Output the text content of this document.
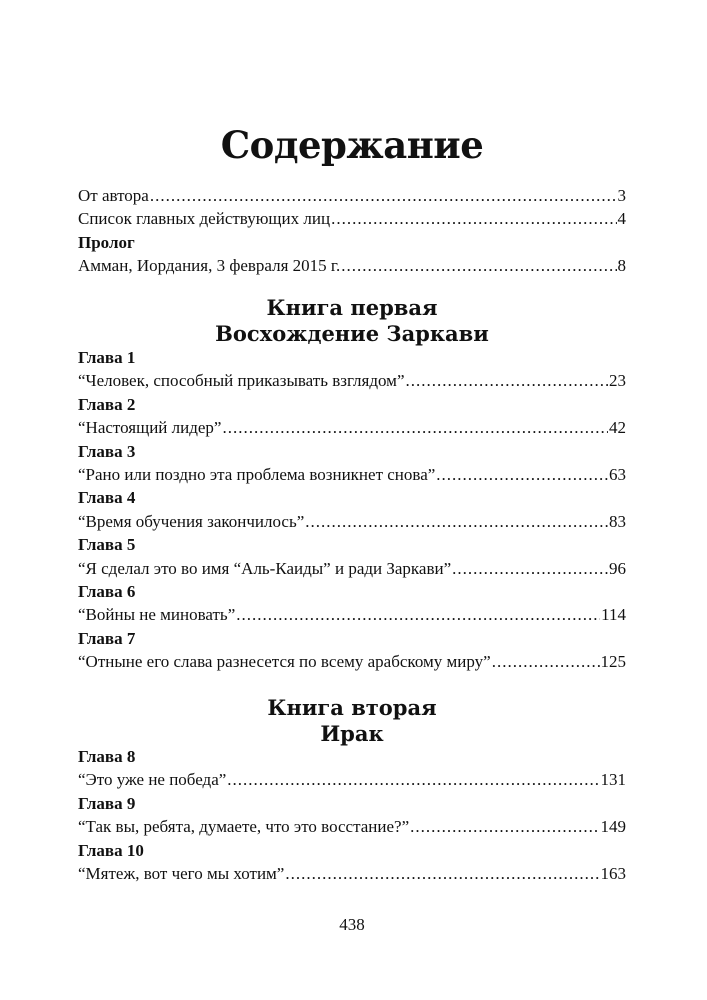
Содержание
От автора .....	3
Список главных действующих лиц .....	4
Пролог
Амман, Иордания, 3 февраля 2015 г. .....	8
Книга первая
Восхождение Заркави
Глава 1
“Человек, способный приказывать взглядом” .....	23
Глава 2
“Настоящий лидер” .....	42
Глава 3
“Рано или поздно эта проблема возникнет снова” .....	63
Глава 4
“Время обучения закончилось” .....	83
Глава 5
“Я сделал это во имя “Аль-Каиды” и ради Заркави” .....	96
Глава 6
“Войны не миновать” .....	114
Глава 7
“Отныне его слава разнесется по всему арабскому миру” .....	125
Книга вторая
Ирак
Глава 8
“Это уже не победа” .....	131
Глава 9
“Так вы, ребята, думаете, что это восстание?” .....	149
Глава 10
“Мятеж, вот чего мы хотим” .....	163
438
